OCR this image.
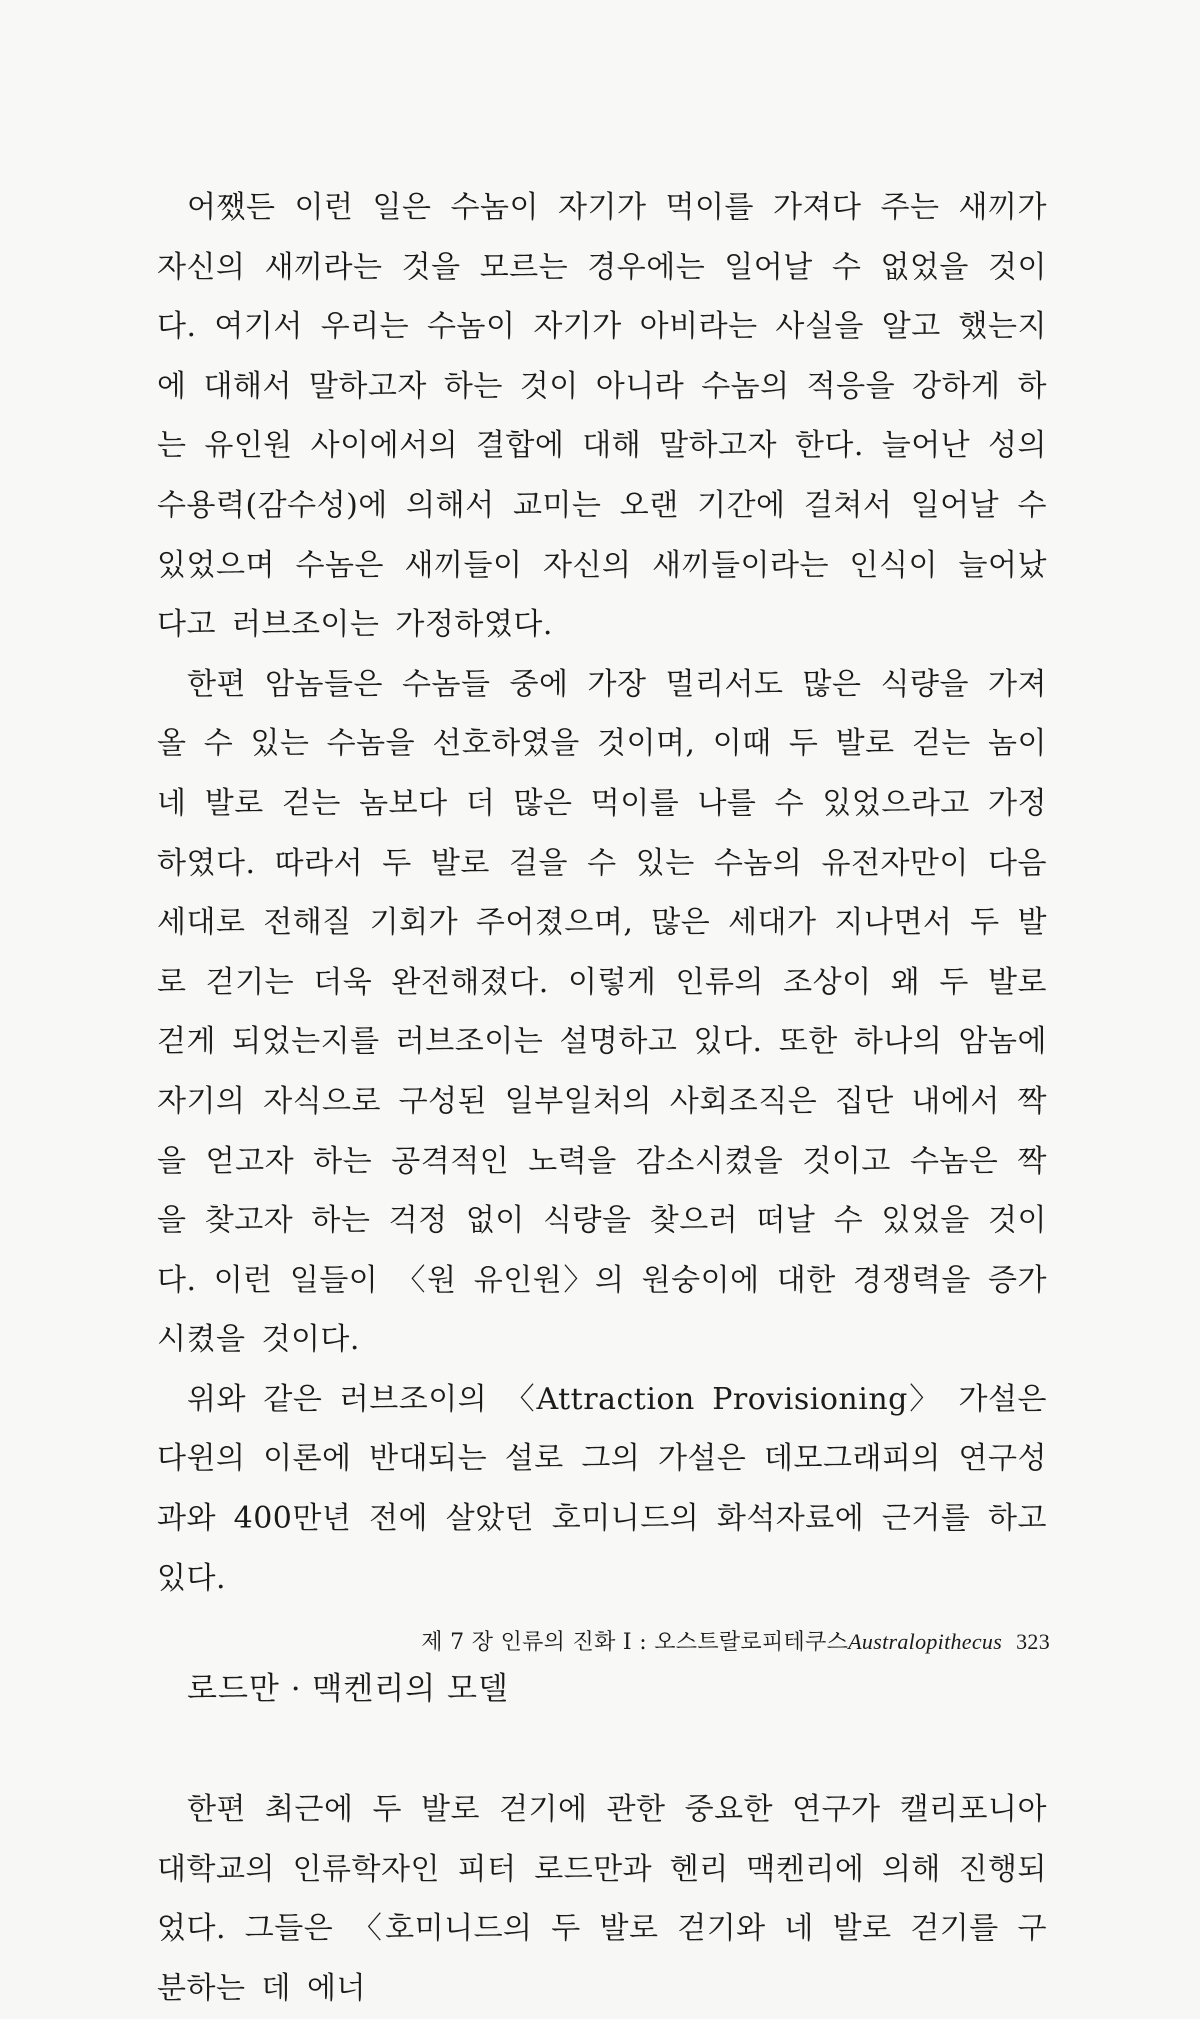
어쨌든 이런 일은 수놈이 자기가 먹이를 가져다 주는 새끼가 자신의 새끼라는 것을 모르는 경우에는 일어날 수 없었을 것이다. 여기서 우리는 수놈이 자기가 아비라는 사실을 알고 했는지에 대해서 말하고자 하는 것이 아니라 수놈의 적응을 강하게 하는 유인원 사이에서의 결합에 대해 말하고자 한다. 늘어난 성의 수용력(감수성)에 의해서 교미는 오랜 기간에 걸쳐서 일어날 수 있었으며 수놈은 새끼들이 자신의 새끼들이라는 인식이 늘어났다고 러브조이는 가정하였다.

한편 암놈들은 수놈들 중에 가장 멀리서도 많은 식량을 가져올 수 있는 수놈을 선호하였을 것이며, 이때 두 발로 걷는 놈이 네 발로 걷는 놈보다 더 많은 먹이를 나를 수 있었으라고 가정하였다. 따라서 두 발로 걸을 수 있는 수놈의 유전자만이 다음 세대로 전해질 기회가 주어졌으며, 많은 세대가 지나면서 두 발로 걷기는 더욱 완전해졌다. 이렇게 인류의 조상이 왜 두 발로 걷게 되었는지를 러브조이는 설명하고 있다. 또한 하나의 암놈에 자기의 자식으로 구성된 일부일처의 사회조직은 집단 내에서 짝을 얻고자 하는 공격적인 노력을 감소시켰을 것이고 수놈은 짝을 찾고자 하는 걱정 없이 식량을 찾으러 떠날 수 있었을 것이다. 이런 일들이 〈원 유인원〉의 원숭이에 대한 경쟁력을 증가시켰을 것이다.

위와 같은 러브조이의 〈Attraction Provisioning〉 가설은 다윈의 이론에 반대되는 설로 그의 가설은 데모그래피의 연구성과와 400만년 전에 살았던 호미니드의 화석자료에 근거를 하고 있다.

로드만 · 맥켄리의 모델

한편 최근에 두 발로 걷기에 관한 중요한 연구가 캘리포니아 대학교의 인류학자인 피터 로드만과 헨리 맥켄리에 의해 진행되었다. 그들은 〈호미니드의 두 발로 걷기와 네 발로 걷기를 구분하는 데 에너

제 7 장 인류의 진화 Ⅰ : 오스트랄로피테쿠스Australopithecus 323
